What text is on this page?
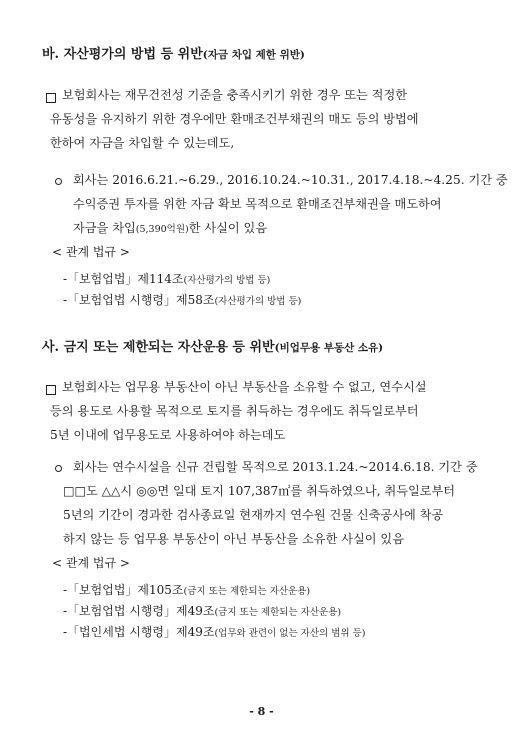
바. 자산평가의 방법 등 위반(자금 차입 제한 위반)
보험회사는 재무건전성 기준을 충족시키기 위한 경우 또는 적정한
유동성을 유지하기 위한 경우에만 환매조건부채권의 매도 등의 방법에
한하여 자금을 차입할 수 있는데도,
회사는 2016.6.21.~6.29., 2016.10.24.~10.31., 2017.4.18.~4.25. 기간 중
수익증권 투자를 위한 자금 확보 목적으로 환매조건부채권을 매도하여
자금을 차입(5,390억원)한 사실이 있음
< 관계 법규 >
-「보험업법」제114조(자산평가의 방법 등)
-「보험업법 시행령」제58조(자산평가의 방법 등)
사. 금지 또는 제한되는 자산운용 등 위반(비업무용 부동산 소유)
보험회사는 업무용 부동산이 아닌 부동산을 소유할 수 없고, 연수시설
등의 용도로 사용할 목적으로 토지를 취득하는 경우에도 취득일로부터
5년 이내에 업무용도로 사용하여야 하는데도
회사는 연수시설을 신규 건립할 목적으로 2013.1.24.~2014.6.18. 기간 중
□□도 △△시 ◎◎면 일대 토지 107,387㎡를 취득하였으나, 취득일로부터
5년의 기간이 경과한 검사종료일 현재까지 연수원 건물 신축공사에 착공
하지 않는 등 업무용 부동산이 아닌 부동산을 소유한 사실이 있음
< 관계 법규 >
-「보험업법」제105조(금지 또는 제한되는 자산운용)
-「보험업법 시행령」제49조(금지 또는 제한되는 자산운용)
-「법인세법 시행령」제49조(업무와 관련이 없는 자산의 범위 등)
- 8 -
